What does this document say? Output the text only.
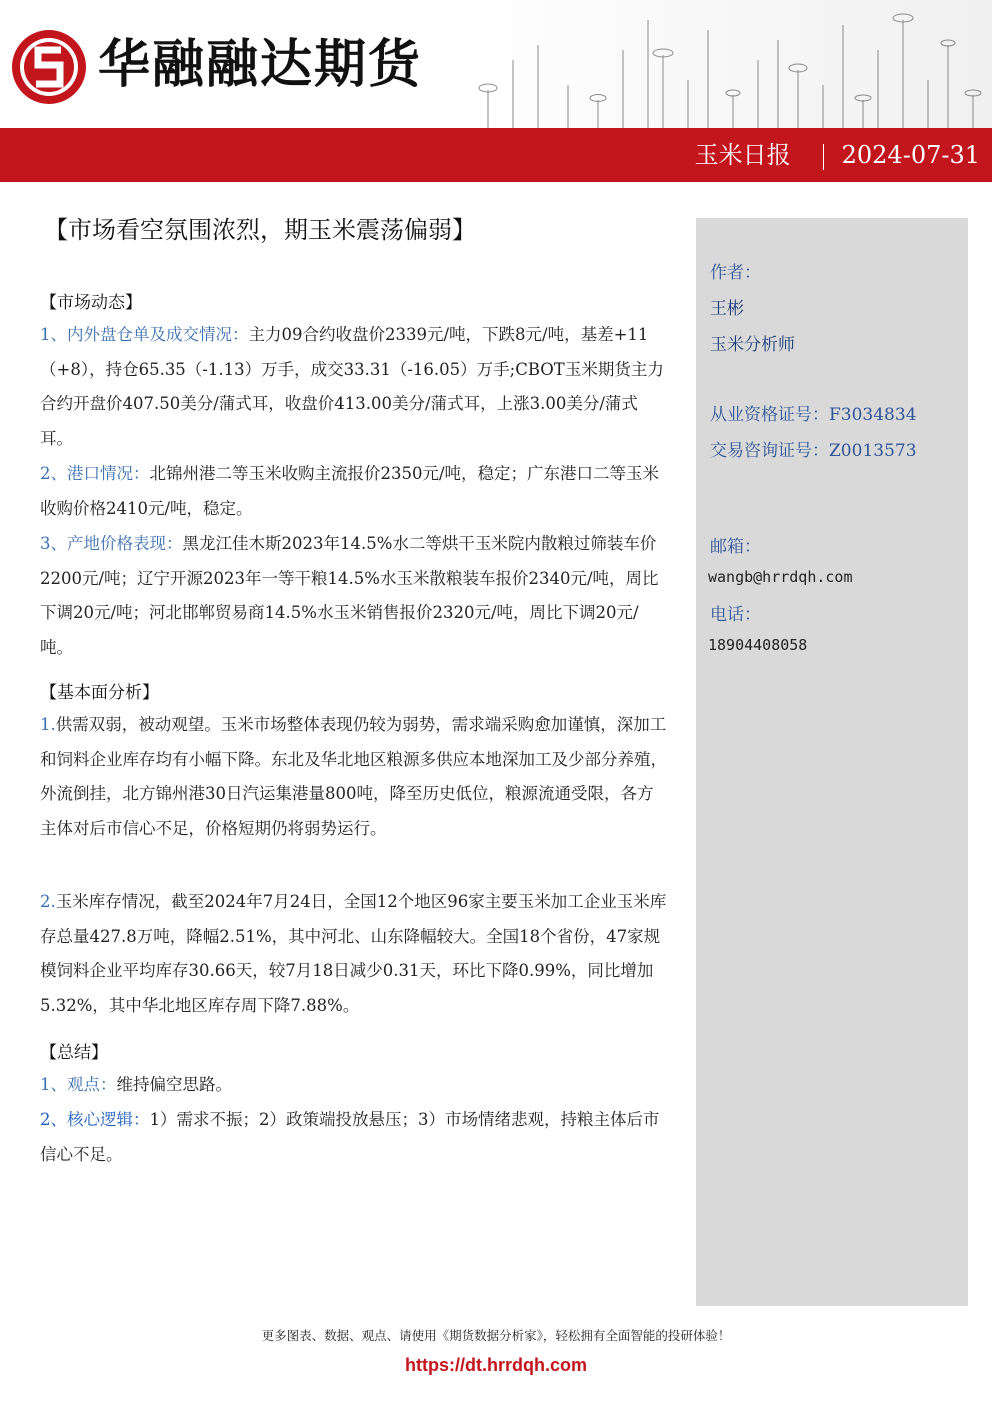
华融融达期货
玉米日报 2024-07-31
作者：
王彬
玉米分析师
从业资格证号：F3034834
交易咨询证号：Z0013573
邮箱：
wangb@hrrdqh.com
电话：
18904408058
【市场看空氛围浓烈，期玉米震荡偏弱】
【市场动态】
1、内外盘仓单及成交情况：主力09合约收盘价2339元/吨，下跌8元/吨，基差+11（+8），持仓65.35（-1.13）万手，成交33.31（-16.05）万手;CBOT玉米期货主力合约开盘价407.50美分/蒲式耳，收盘价413.00美分/蒲式耳，上涨3.00美分/蒲式耳。
2、港口情况：北锦州港二等玉米收购主流报价2350元/吨，稳定；广东港口二等玉米收购价格2410元/吨，稳定。
3、产地价格表现：黑龙江佳木斯2023年14.5%水二等烘干玉米院内散粮过筛装车价2200元/吨；辽宁开源2023年一等干粮14.5%水玉米散粮装车报价2340元/吨，周比下调20元/吨；河北邯郸贸易商14.5%水玉米销售报价2320元/吨，周比下调20元/吨。
【基本面分析】
1.供需双弱，被动观望。玉米市场整体表现仍较为弱势，需求端采购愈加谨慎，深加工和饲料企业库存均有小幅下降。东北及华北地区粮源多供应本地深加工及少部分养殖，外流倒挂，北方锦州港30日汽运集港量800吨，降至历史低位，粮源流通受限，各方主体对后市信心不足，价格短期仍将弱势运行。
2.玉米库存情况，截至2024年7月24日，全国12个地区96家主要玉米加工企业玉米库存总量427.8万吨，降幅2.51%，其中河北、山东降幅较大。全国18个省份，47家规模饲料企业平均库存30.66天，较7月18日减少0.31天，环比下降0.99%，同比增加5.32%，其中华北地区库存周下降7.88%。
【总结】
1、观点：维持偏空思路。
2、核心逻辑：1）需求不振；2）政策端投放悬压；3）市场情绪悲观，持粮主体后市信心不足。
更多图表、数据、观点、请使用《期货数据分析家》，轻松拥有全面智能的投研体验！
https://dt.hrrdqh.com
